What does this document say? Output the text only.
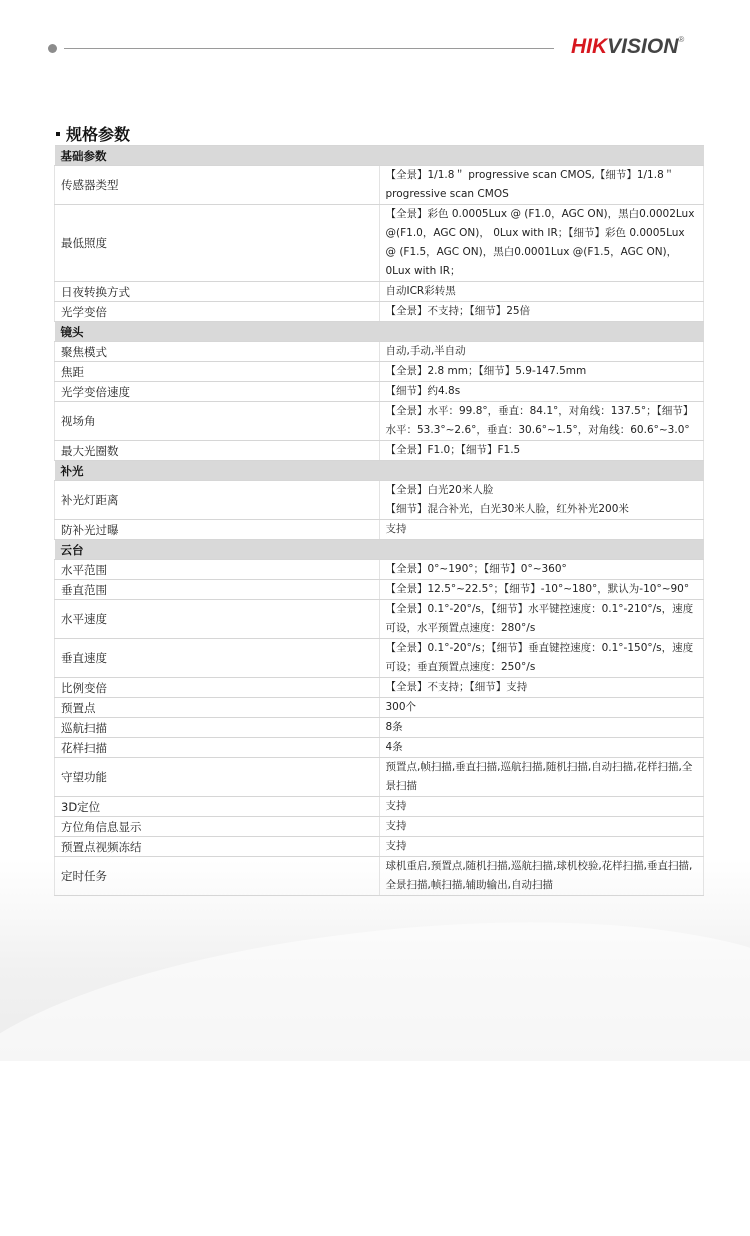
HIKVISION®
规格参数
基础参数	
传感器类型	【全景】1/1.8＂ progressive scan CMOS,【细节】1/1.8＂ progressive scan CMOS
最低照度	【全景】彩色 0.0005Lux @ (F1.0，AGC ON)，黑白0.0002Lux @(F1.0，AGC ON)， 0Lux with IR；【细节】彩色 0.0005Lux @ (F1.5，AGC ON)，黑白0.0001Lux @(F1.5，AGC ON)， 0Lux with IR；
日夜转换方式	自动ICR彩转黑
光学变倍	【全景】不支持；【细节】25倍
镜头	
聚焦模式	自动,手动,半自动
焦距	【全景】2.8 mm；【细节】5.9-147.5mm
光学变倍速度	【细节】约4.8s
视场角	【全景】水平：99.8°，垂直：84.1°，对角线：137.5°；【细节】水平：53.3°~2.6°，垂直：30.6°~1.5°，对角线：60.6°~3.0°
最大光圈数	【全景】F1.0；【细节】F1.5
补光	
补光灯距离	【全景】白光20米人脸
【细节】混合补光，白光30米人脸，红外补光200米
防补光过曝	支持
云台	
水平范围	【全景】0°~190°；【细节】0°~360°
垂直范围	【全景】12.5°~22.5°；【细节】-10°~180°，默认为-10°~90°
水平速度	【全景】0.1°-20°/s，【细节】水平键控速度：0.1°-210°/s，速度可设，水平预置点速度：280°/s
垂直速度	【全景】0.1°-20°/s；【细节】垂直键控速度：0.1°-150°/s，速度可设；垂直预置点速度：250°/s
比例变倍	【全景】不支持；【细节】支持
预置点	300个
巡航扫描	8条
花样扫描	4条
守望功能	预置点,帧扫描,垂直扫描,巡航扫描,随机扫描,自动扫描,花样扫描,全景扫描
3D定位	支持
方位角信息显示	支持
预置点视频冻结	支持
定时任务	球机重启,预置点,随机扫描,巡航扫描,球机校验,花样扫描,垂直扫描,全景扫描,帧扫描,辅助输出,自动扫描
